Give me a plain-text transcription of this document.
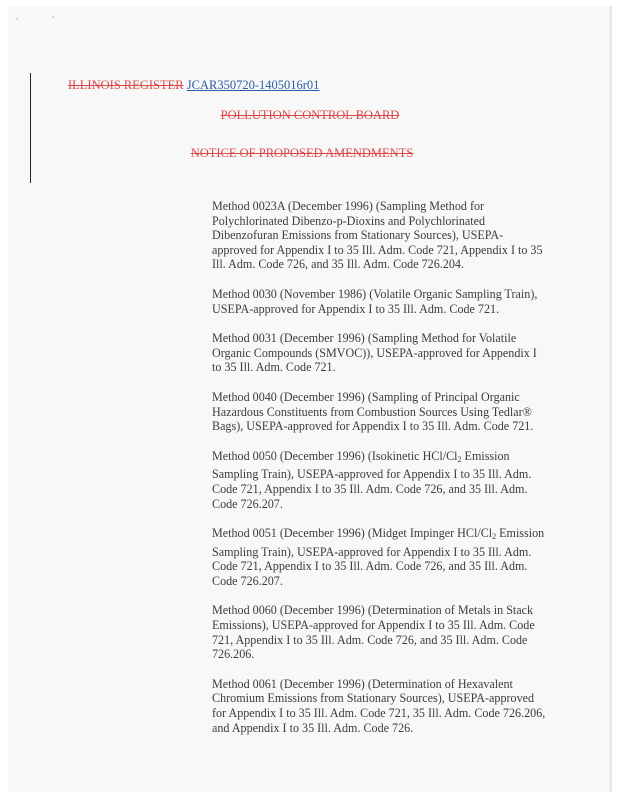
ILLINOIS REGISTER JCAR350720-1405016r01
POLLUTION CONTROL BOARD
NOTICE OF PROPOSED AMENDMENTS

Method 0023A (December 1996) (Sampling Method for Polychlorinated Dibenzo-p-Dioxins and Polychlorinated Dibenzofuran Emissions from Stationary Sources), USEPA-approved for Appendix I to 35 Ill. Adm. Code 721, Appendix I to 35 Ill. Adm. Code 726, and 35 Ill. Adm. Code 726.204.

Method 0030 (November 1986) (Volatile Organic Sampling Train), USEPA-approved for Appendix I to 35 Ill. Adm. Code 721.

Method 0031 (December 1996) (Sampling Method for Volatile Organic Compounds (SMVOC)), USEPA-approved for Appendix I to 35 Ill. Adm. Code 721.

Method 0040 (December 1996) (Sampling of Principal Organic Hazardous Constituents from Combustion Sources Using Tedlar® Bags), USEPA-approved for Appendix I to 35 Ill. Adm. Code 721.

Method 0050 (December 1996) (Isokinetic HCl/$Cl_2$ Emission Sampling Train), USEPA-approved for Appendix I to 35 Ill. Adm. Code 721, Appendix I to 35 Ill. Adm. Code 726, and 35 Ill. Adm. Code 726.207.

Method 0051 (December 1996) (Midget Impinger HCl/$Cl_2$ Emission Sampling Train), USEPA-approved for Appendix I to 35 Ill. Adm. Code 721, Appendix I to 35 Ill. Adm. Code 726, and 35 Ill. Adm. Code 726.207.

Method 0060 (December 1996) (Determination of Metals in Stack Emissions), USEPA-approved for Appendix I to 35 Ill. Adm. Code 721, Appendix I to 35 Ill. Adm. Code 726, and 35 Ill. Adm. Code 726.206.

Method 0061 (December 1996) (Determination of Hexavalent Chromium Emissions from Stationary Sources), USEPA-approved for Appendix I to 35 Ill. Adm. Code 721, 35 Ill. Adm. Code 726.206, and Appendix I to 35 Ill. Adm. Code 726.
